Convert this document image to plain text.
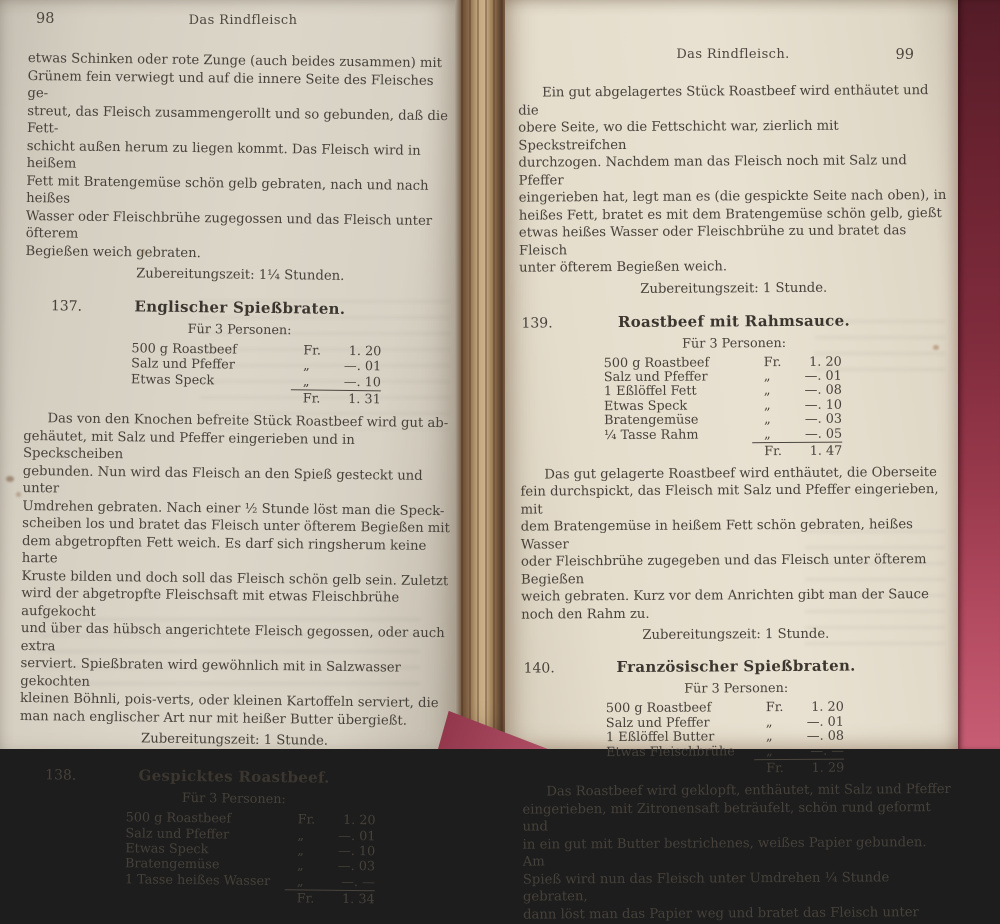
98	Das Rindfleisch

etwas Schinken oder rote Zunge (auch beides zusammen) mit
Grünem fein verwiegt und auf die innere Seite des Fleisches ge-
streut, das Fleisch zusammengerollt und so gebunden, daß die Fett-
schicht außen herum zu liegen kommt. Das Fleisch wird in heißem
Fett mit Bratengemüse schön gelb gebraten, nach und nach heißes
Wasser oder Fleischbrühe zugegossen und das Fleisch unter öfterem
Begießen weich gebraten.

Zubereitungszeit: 1¼ Stunden.
137.	Englischer Spießbraten.
Für 3 Personen:
500 g Roastbeef	Fr.	1. 20
Salz und Pfeffer	„	—. 01
Etwas Speck	„	—. 10
Fr.	1. 31

Das von den Knochen befreite Stück Roastbeef wird gut ab-
gehäutet, mit Salz und Pfeffer eingerieben und in Speckscheiben
gebunden. Nun wird das Fleisch an den Spieß gesteckt und unter
Umdrehen gebraten. Nach einer ½ Stunde löst man die Speck-
scheiben los und bratet das Fleisch unter öfterem Begießen mit
dem abgetropften Fett weich. Es darf sich ringsherum keine harte
Kruste bilden und doch soll das Fleisch schön gelb sein. Zuletzt
wird der abgetropfte Fleischsaft mit etwas Fleischbrühe aufgekocht
und über das hübsch angerichtete Fleisch gegossen, oder auch extra
serviert. Spießbraten wird gewöhnlich mit in Salzwasser gekochten
kleinen Böhnli, pois-verts, oder kleinen Kartoffeln serviert, die
man nach englischer Art nur mit heißer Butter übergießt.

Zubereitungszeit: 1 Stunde.
138.	Gespicktes Roastbeef.
Für 3 Personen:
500 g Roastbeef	Fr.	1. 20
Salz und Pfeffer	„	—. 01
Etwas Speck	„	—. 10
Bratengemüse	„	—. 03
1 Tasse heißes Wasser	„	—. —
Fr.	1. 34
Das Rindfleisch.	99

Ein gut abgelagertes Stück Roastbeef wird enthäutet und die
obere Seite, wo die Fettschicht war, zierlich mit Speckstreifchen
durchzogen. Nachdem man das Fleisch noch mit Salz und Pfeffer
eingerieben hat, legt man es (die gespickte Seite nach oben), in
heißes Fett, bratet es mit dem Bratengemüse schön gelb, gießt
etwas heißes Wasser oder Fleischbrühe zu und bratet das Fleisch
unter öfterem Begießen weich.

Zubereitungszeit: 1 Stunde.
139.	Roastbeef mit Rahmsauce.
Für 3 Personen:
500 g Roastbeef	Fr.	1. 20
Salz und Pfeffer	„	—. 01
1 Eßlöffel Fett	„	—. 08
Etwas Speck	„	—. 10
Bratengemüse	„	—. 03
¼ Tasse Rahm	„	—. 05
Fr.	1. 47

Das gut gelagerte Roastbeef wird enthäutet, die Oberseite
fein durchspickt, das Fleisch mit Salz und Pfeffer eingerieben, mit
dem Bratengemüse in heißem Fett schön gebraten, heißes Wasser
oder Fleischbrühe zugegeben und das Fleisch unter öfterem Begießen
weich gebraten. Kurz vor dem Anrichten gibt man der Sauce
noch den Rahm zu.

Zubereitungszeit: 1 Stunde.
140.	Französischer Spießbraten.
Für 3 Personen:
500 g Roastbeef	Fr.	1. 20
Salz und Pfeffer	„	—. 01
1 Eßlöffel Butter	„	—. 08
Etwas Fleischbrühe	„	—. —
Fr.	1. 29

Das Roastbeef wird geklopft, enthäutet, mit Salz und Pfeffer
eingerieben, mit Zitronensaft beträufelt, schön rund geformt und
in ein gut mit Butter bestrichenes, weißes Papier gebunden. Am
Spieß wird nun das Fleisch unter Umdrehen ¼ Stunde gebraten,
dann löst man das Papier weg und bratet das Fleisch unter
